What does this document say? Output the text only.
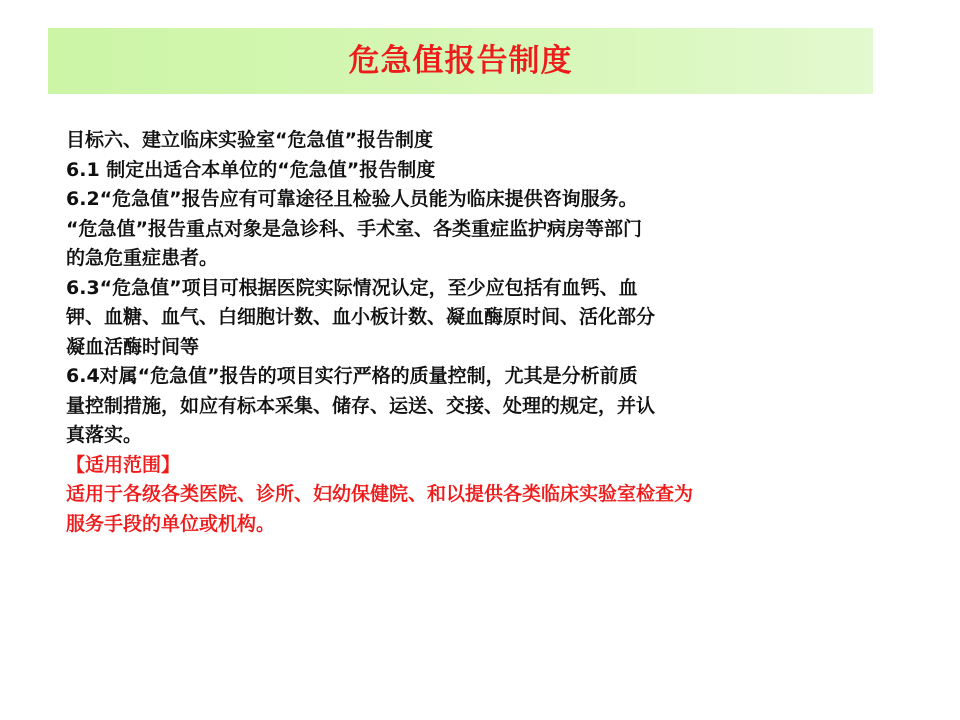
危急值报告制度
目标六、建立临床实验室“危急值”报告制度
6.1 制定出适合本单位的“危急值”报告制度
6.2“危急值”报告应有可靠途径且检验人员能为临床提供咨询服务。
“危急值”报告重点对象是急诊科、手术室、各类重症监护病房等部门
的急危重症患者。
6.3“危急值”项目可根据医院实际情况认定，至少应包括有血钙、血
钾、血糖、血气、白细胞计数、血小板计数、凝血酶原时间、活化部分
凝血活酶时间等
6.4对属“危急值”报告的项目实行严格的质量控制，尤其是分析前质
量控制措施，如应有标本采集、储存、运送、交接、处理的规定，并认
真落实。
【适用范围】
适用于各级各类医院、诊所、妇幼保健院、和以提供各类临床实验室检查为
服务手段的单位或机构。
